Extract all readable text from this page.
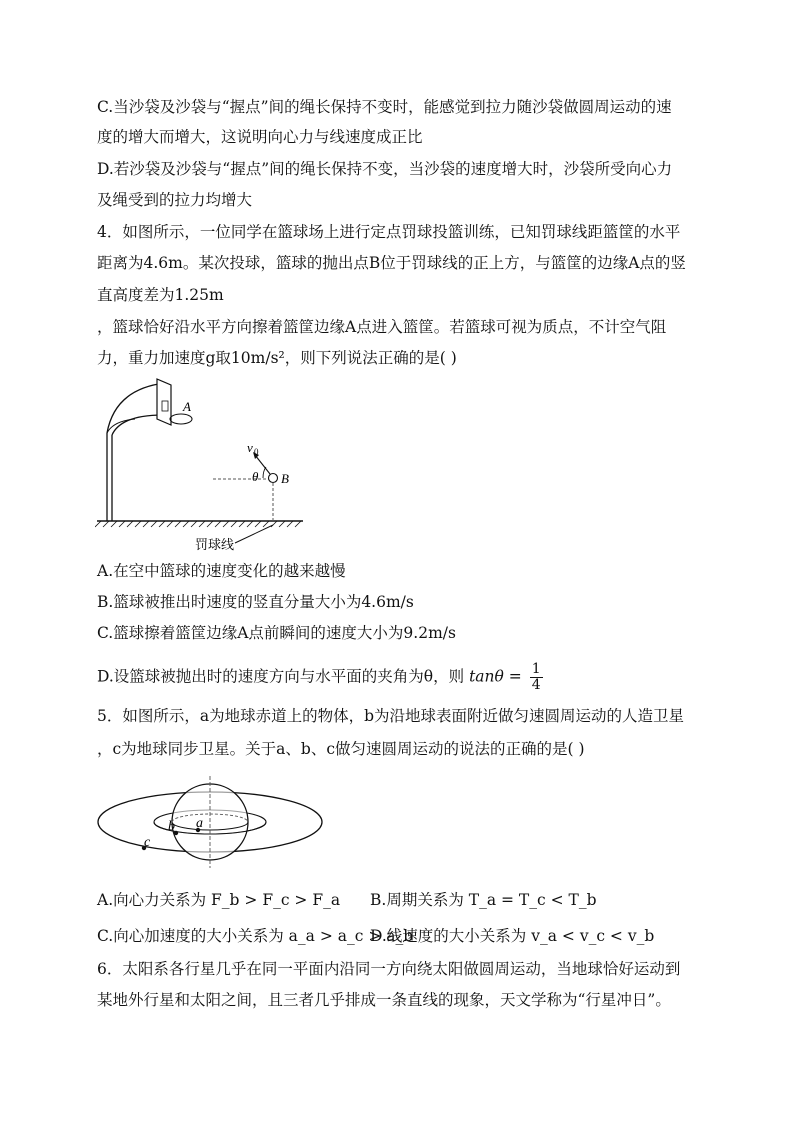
C.当沙袋及沙袋与“握点”间的绳长保持不变时，能感觉到拉力随沙袋做圆周运动的速
度的增大而增大，这说明向心力与线速度成正比
D.若沙袋及沙袋与“握点”间的绳长保持不变，当沙袋的速度增大时，沙袋所受向心力
及绳受到的拉力均增大
4．如图所示，一位同学在篮球场上进行定点罚球投篮训练，已知罚球线距篮筐的水平
距离为4.6m。某次投球，篮球的抛出点B位于罚球线的正上方，与篮筐的边缘A点的竖
直高度差为1.25m
，篮球恰好沿水平方向擦着篮筐边缘A点进入篮筐。若篮球可视为质点，不计空气阻
力，重力加速度g取10m/s²，则下列说法正确的是( )
A
B
v 0
θ
罚球线
A.在空中篮球的速度变化的越来越慢
B.篮球被推出时速度的竖直分量大小为4.6m/s
C.篮球擦着篮筐边缘A点前瞬间的速度大小为9.2m/s
D.设篮球被抛出时的速度方向与水平面的夹角为θ，则 $\tan\theta = \frac{1}{4}$
5．如图所示，a为地球赤道上的物体，b为沿地球表面附近做匀速圆周运动的人造卫星
，c为地球同步卫星。关于a、b、c做匀速圆周运动的说法的正确的是( )
a
b
c
A.向心力关系为 F_b > F_c > F_a B.周期关系为 T_a = T_c < T_b
C.向心加速度的大小关系为 a_a > a_c > a_b
D.线速度的大小关系为 v_a < v_c < v_b
6．太阳系各行星几乎在同一平面内沿同一方向绕太阳做圆周运动，当地球恰好运动到
某地外行星和太阳之间，且三者几乎排成一条直线的现象，天文学称为“行星冲日”。
